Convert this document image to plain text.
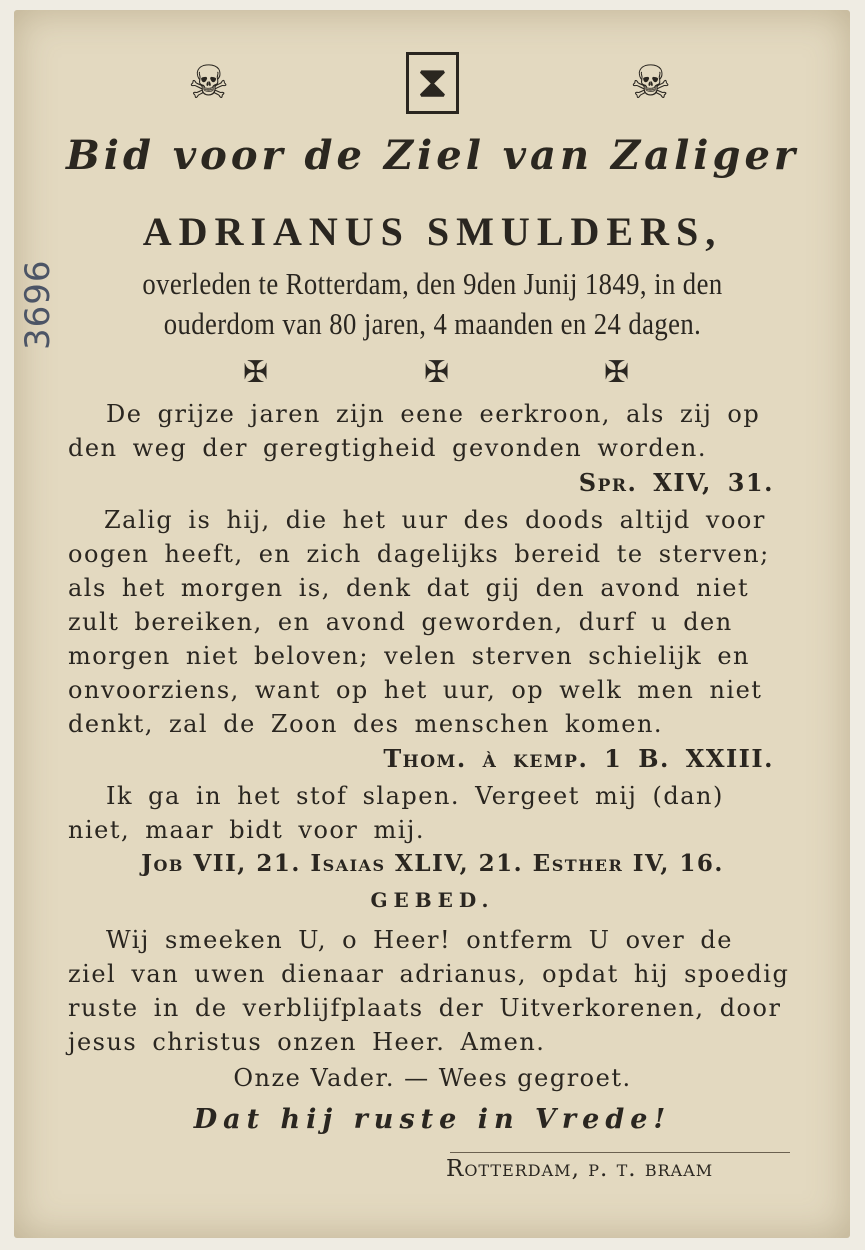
☠	⧗	☠
Bid voor de Ziel van Zaliger
ADRIANUS SMULDERS,
overleden te Rotterdam, den 9den Junij 1849, in den
ouderdom van 80 jaren, 4 maanden en 24 dagen.
✠	✠	✠
De grijze jaren zijn eene eerkroon, als zij op
den weg der geregtigheid gevonden worden.
Spr. XIV, 31.
Zalig is hij, die het uur des doods altijd voor
oogen heeft, en zich dagelijks bereid te sterven;
als het morgen is, denk dat gij den avond niet
zult bereiken, en avond geworden, durf u den
morgen niet beloven; velen sterven schielijk en
onvoorziens, want op het uur, op welk men niet
denkt, zal de Zoon des menschen komen.
Thom. à kemp. 1 B. XXIII.
Ik ga in het stof slapen. Vergeet mij (dan)
niet, maar bidt voor mij.
Job VII, 21. Isaias XLIV, 21. Esther IV, 16.
GEBED.
Wij smeeken U, o Heer! ontferm U over de
ziel van uwen dienaar adrianus, opdat hij spoedig
ruste in de verblijfplaats der Uitverkorenen, door
jesus christus onzen Heer. Amen.
Onze Vader. — Wees gegroet.
Dat hij ruste in Vrede!
Rotterdam, p. t. braam
